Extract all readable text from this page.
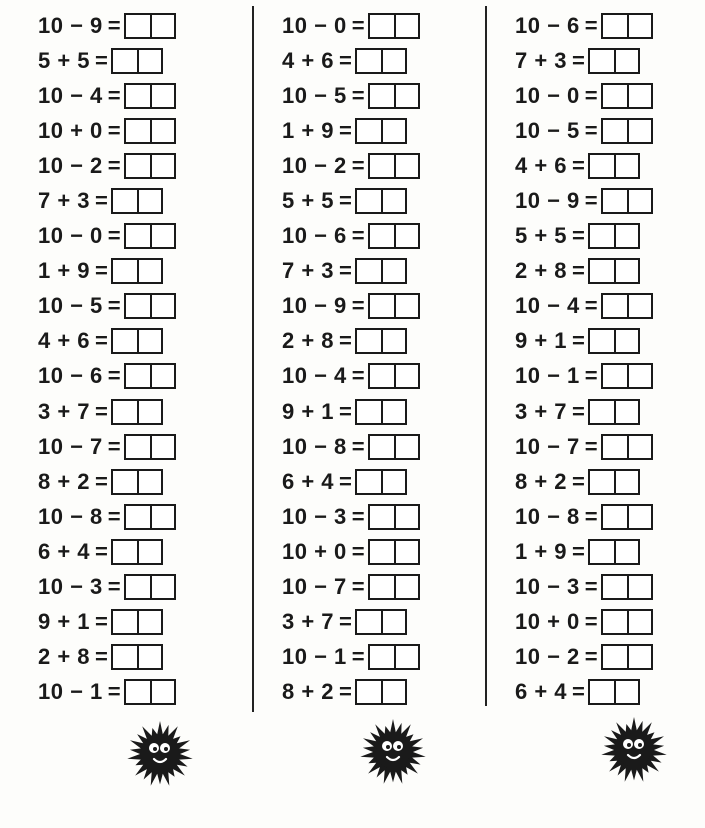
10 − 9 =
5 + 5 =
10 − 4 =
10 + 0 =
10 − 2 =
7 + 3 =
10 − 0 =
1 + 9 =
10 − 5 =
4 + 6 =
10 − 6 =
3 + 7 =
10 − 7 =
8 + 2 =
10 − 8 =
6 + 4 =
10 − 3 =
9 + 1 =
2 + 8 =
10 − 1 =
10 − 0 =
4 + 6 =
10 − 5 =
1 + 9 =
10 − 2 =
5 + 5 =
10 − 6 =
7 + 3 =
10 − 9 =
2 + 8 =
10 − 4 =
9 + 1 =
10 − 8 =
6 + 4 =
10 − 3 =
10 + 0 =
10 − 7 =
3 + 7 =
10 − 1 =
8 + 2 =
10 − 6 =
7 + 3 =
10 − 0 =
10 − 5 =
4 + 6 =
10 − 9 =
5 + 5 =
2 + 8 =
10 − 4 =
9 + 1 =
10 − 1 =
3 + 7 =
10 − 7 =
8 + 2 =
10 − 8 =
1 + 9 =
10 − 3 =
10 + 0 =
10 − 2 =
6 + 4 =
